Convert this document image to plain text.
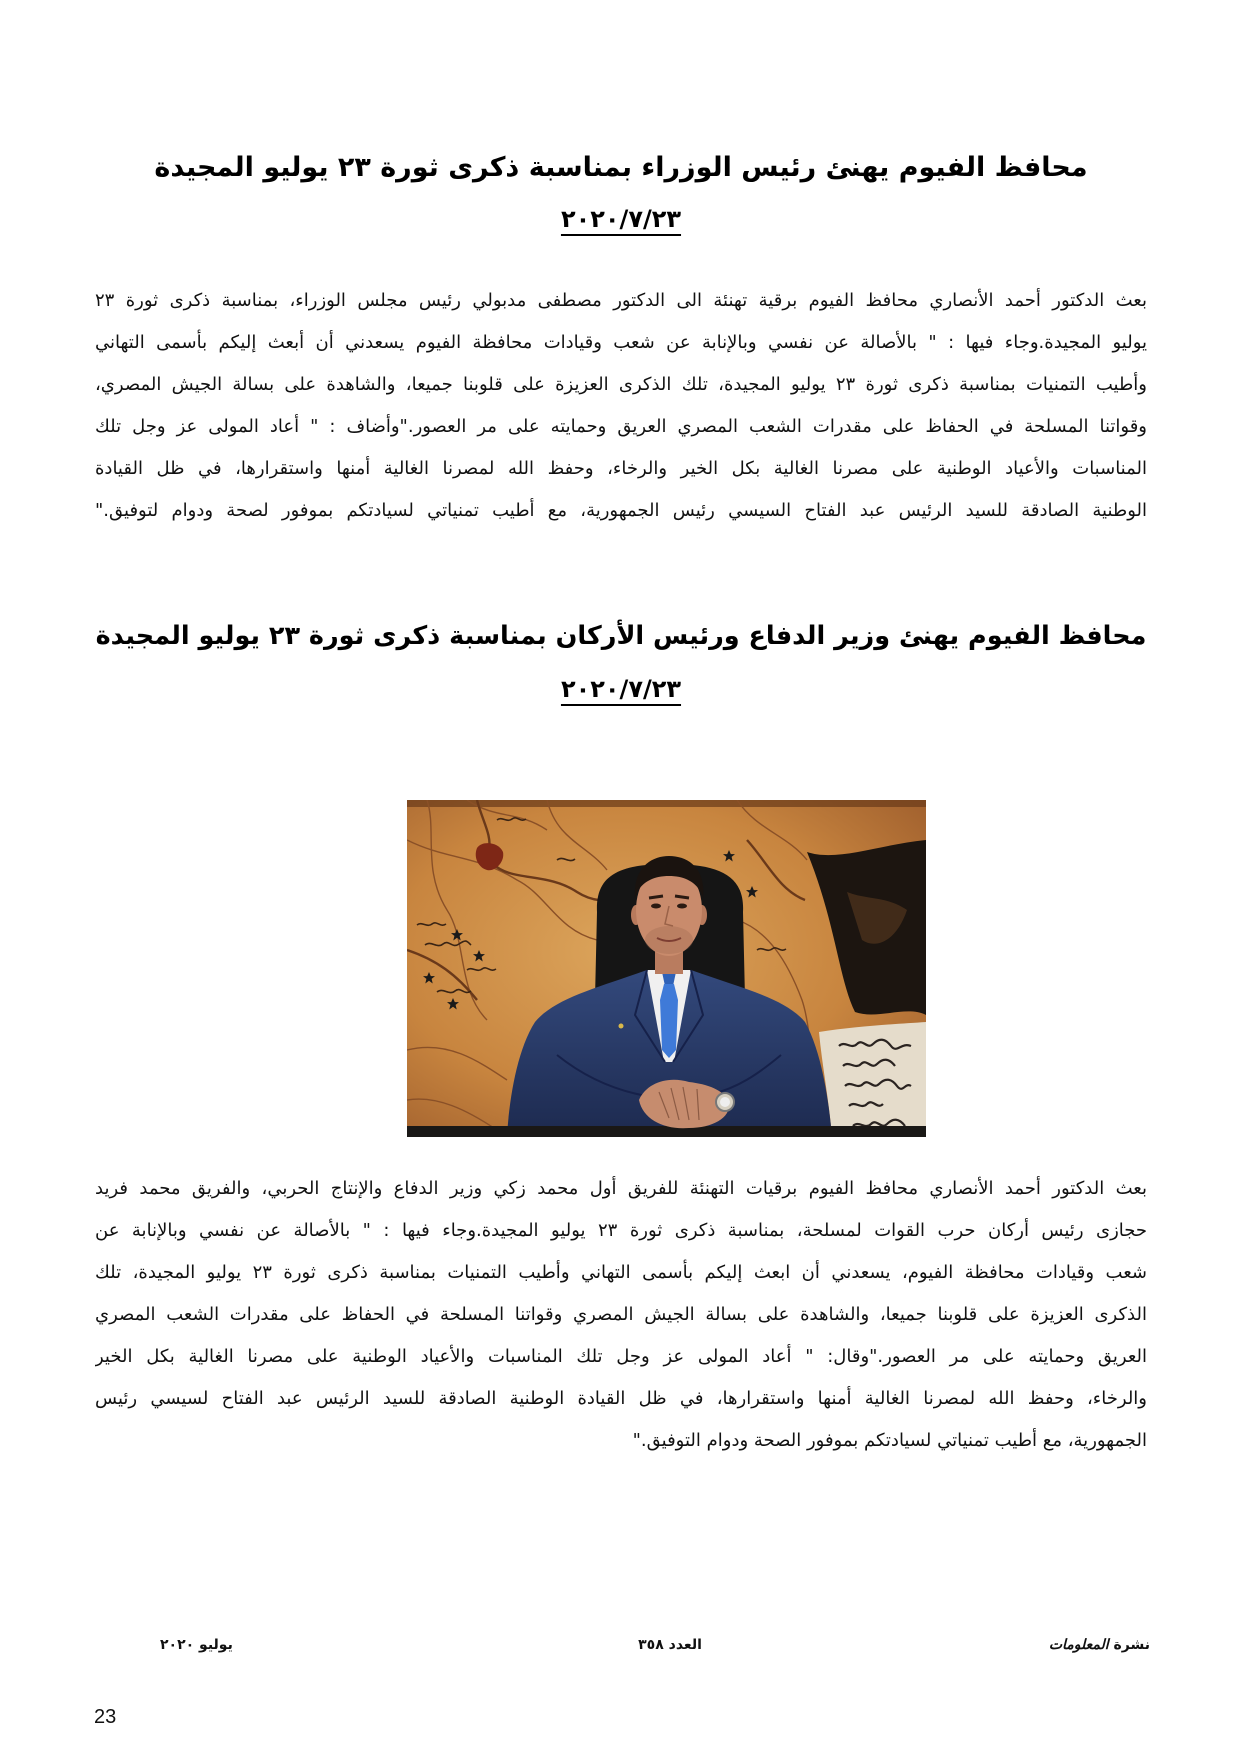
محافظ الفيوم يهنئ رئيس الوزراء بمناسبة ذكرى ثورة ٢٣ يوليو المجيدة
٢٠٢٠/٧/٢٣
بعث الدكتور أحمد الأنصاري محافظ الفيوم برقية تهنئة الى الدكتور مصطفى مدبولي رئيس مجلس الوزراء، بمناسبة ذكرى ثورة ٢٣
يوليو المجيدة.وجاء فيها : " بالأصالة عن نفسي وبالإنابة عن شعب وقيادات محافظة الفيوم يسعدني أن أبعث إليكم بأسمى التهاني
وأطيب التمنيات بمناسبة ذكرى ثورة ٢٣ يوليو المجيدة، تلك الذكرى العزيزة على قلوبنا جميعا، والشاهدة على بسالة الجيش المصري،
وقواتنا المسلحة في الحفاظ على مقدرات الشعب المصري العريق وحمايته على مر العصور."وأضاف : " أعاد المولى عز وجل تلك
المناسبات والأعياد الوطنية على مصرنا الغالية بكل الخير والرخاء، وحفظ الله لمصرنا الغالية أمنها واستقرارها، في ظل القيادة
الوطنية الصادقة للسيد الرئيس عبد الفتاح السيسي رئيس الجمهورية، مع أطيب تمنياتي لسيادتكم بموفور لصحة ودوام لتوفيق."
محافظ الفيوم يهنئ وزير الدفاع ورئيس الأركان بمناسبة ذكرى ثورة ٢٣ يوليو المجيدة
٢٠٢٠/٧/٢٣
بعث الدكتور أحمد الأنصاري محافظ الفيوم برقيات التهنئة للفريق أول محمد زكي وزير الدفاع والإنتاج الحربي، والفريق محمد فريد
حجازى رئيس أركان حرب القوات لمسلحة، بمناسبة ذكرى ثورة ٢٣ يوليو المجيدة.وجاء فيها : " بالأصالة عن نفسي وبالإنابة عن
شعب وقيادات محافظة الفيوم، يسعدني أن ابعث إليكم بأسمى التهاني وأطيب التمنيات بمناسبة ذكرى ثورة ٢٣ يوليو المجيدة، تلك
الذكرى العزيزة على قلوبنا جميعا، والشاهدة على بسالة الجيش المصري وقواتنا المسلحة في الحفاظ على مقدرات الشعب المصري
العريق وحمايته على مر العصور."وقال: " أعاد المولى عز وجل تلك المناسبات والأعياد الوطنية على مصرنا الغالية بكل الخير
والرخاء، وحفظ الله لمصرنا الغالية أمنها واستقرارها، في ظل القيادة الوطنية الصادقة للسيد الرئيس عبد الفتاح لسيسي رئيس
الجمهورية، مع أطيب تمنياتي لسيادتكم بموفور الصحة ودوام التوفيق."
نشرة المعلومات
العدد ٣٥٨
يوليو ٢٠٢٠
23
